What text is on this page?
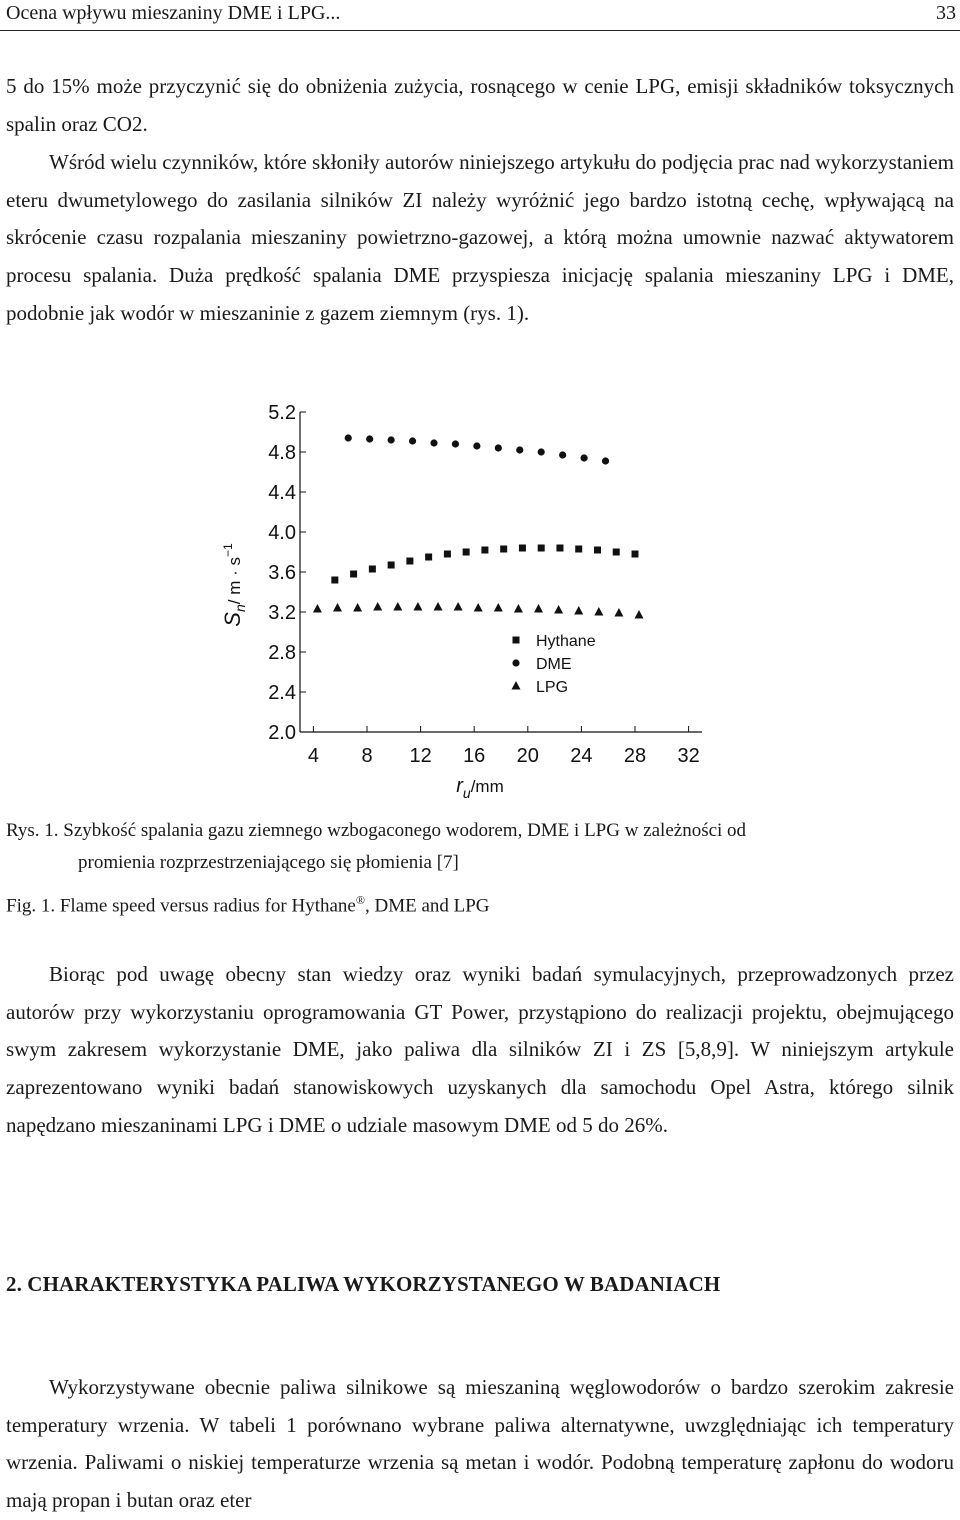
Ocena wpływu mieszaniny DME i LPG...	33

5 do 15% może przyczynić się do obniżenia zużycia, rosnącego w cenie LPG, emisji składników toksycznych spalin oraz CO2.

Wśród wielu czynników, które skłoniły autorów niniejszego artykułu do podjęcia prac nad wykorzystaniem eteru dwumetylowego do zasilania silników ZI należy wyróżnić jego bardzo istotną cechę, wpływającą na skrócenie czasu rozpalania mieszaniny powietrzno-gazowej, a którą można umownie nazwać aktywatorem procesu spalania. Duża prędkość spalania DME przyspiesza inicjację spalania mieszaniny LPG i DME, podobnie jak wodór w mieszaninie z gazem ziemnym (rys. 1).

2.0
2.4
2.8
3.2
3.6
4.0
4.4
4.8
5.2
4 8 12 16 20 24 28 32
Hythane
DME
LPG
$S_n^{/ m \cdot s-1}$
$r_u^{/mm}$
Rys. 1. Szybkość spalania gazu ziemnego wzbogaconego wodorem, DME i LPG w zależności od
promienia rozprzestrzeniającego się płomienia [7]
Fig. 1. Flame speed versus radius for Hythane®, DME and LPG

Biorąc pod uwagę obecny stan wiedzy oraz wyniki badań symulacyjnych, przeprowadzonych przez autorów przy wykorzystaniu oprogramowania GT Power, przystąpiono do realizacji projektu, obejmującego swym zakresem wykorzystanie DME, jako paliwa dla silników ZI i ZS [5,8,9]. W niniejszym artykule zaprezentowano wyniki badań stanowiskowych uzyskanych dla samochodu Opel Astra, którego silnik napędzano mieszaninami LPG i DME o udziale masowym DME od 5 do 26%.

2. CHARAKTERYSTYKA PALIWA WYKORZYSTANEGO W BADANIACH

Wykorzystywane obecnie paliwa silnikowe są mieszaniną węglowodorów o bardzo szerokim zakresie temperatury wrzenia. W tabeli 1 porównano wybrane paliwa alternatywne, uwzględniając ich temperatury wrzenia. Paliwami o niskiej temperaturze wrzenia są metan i wodór. Podobną temperaturę zapłonu do wodoru mają propan i butan oraz eter
